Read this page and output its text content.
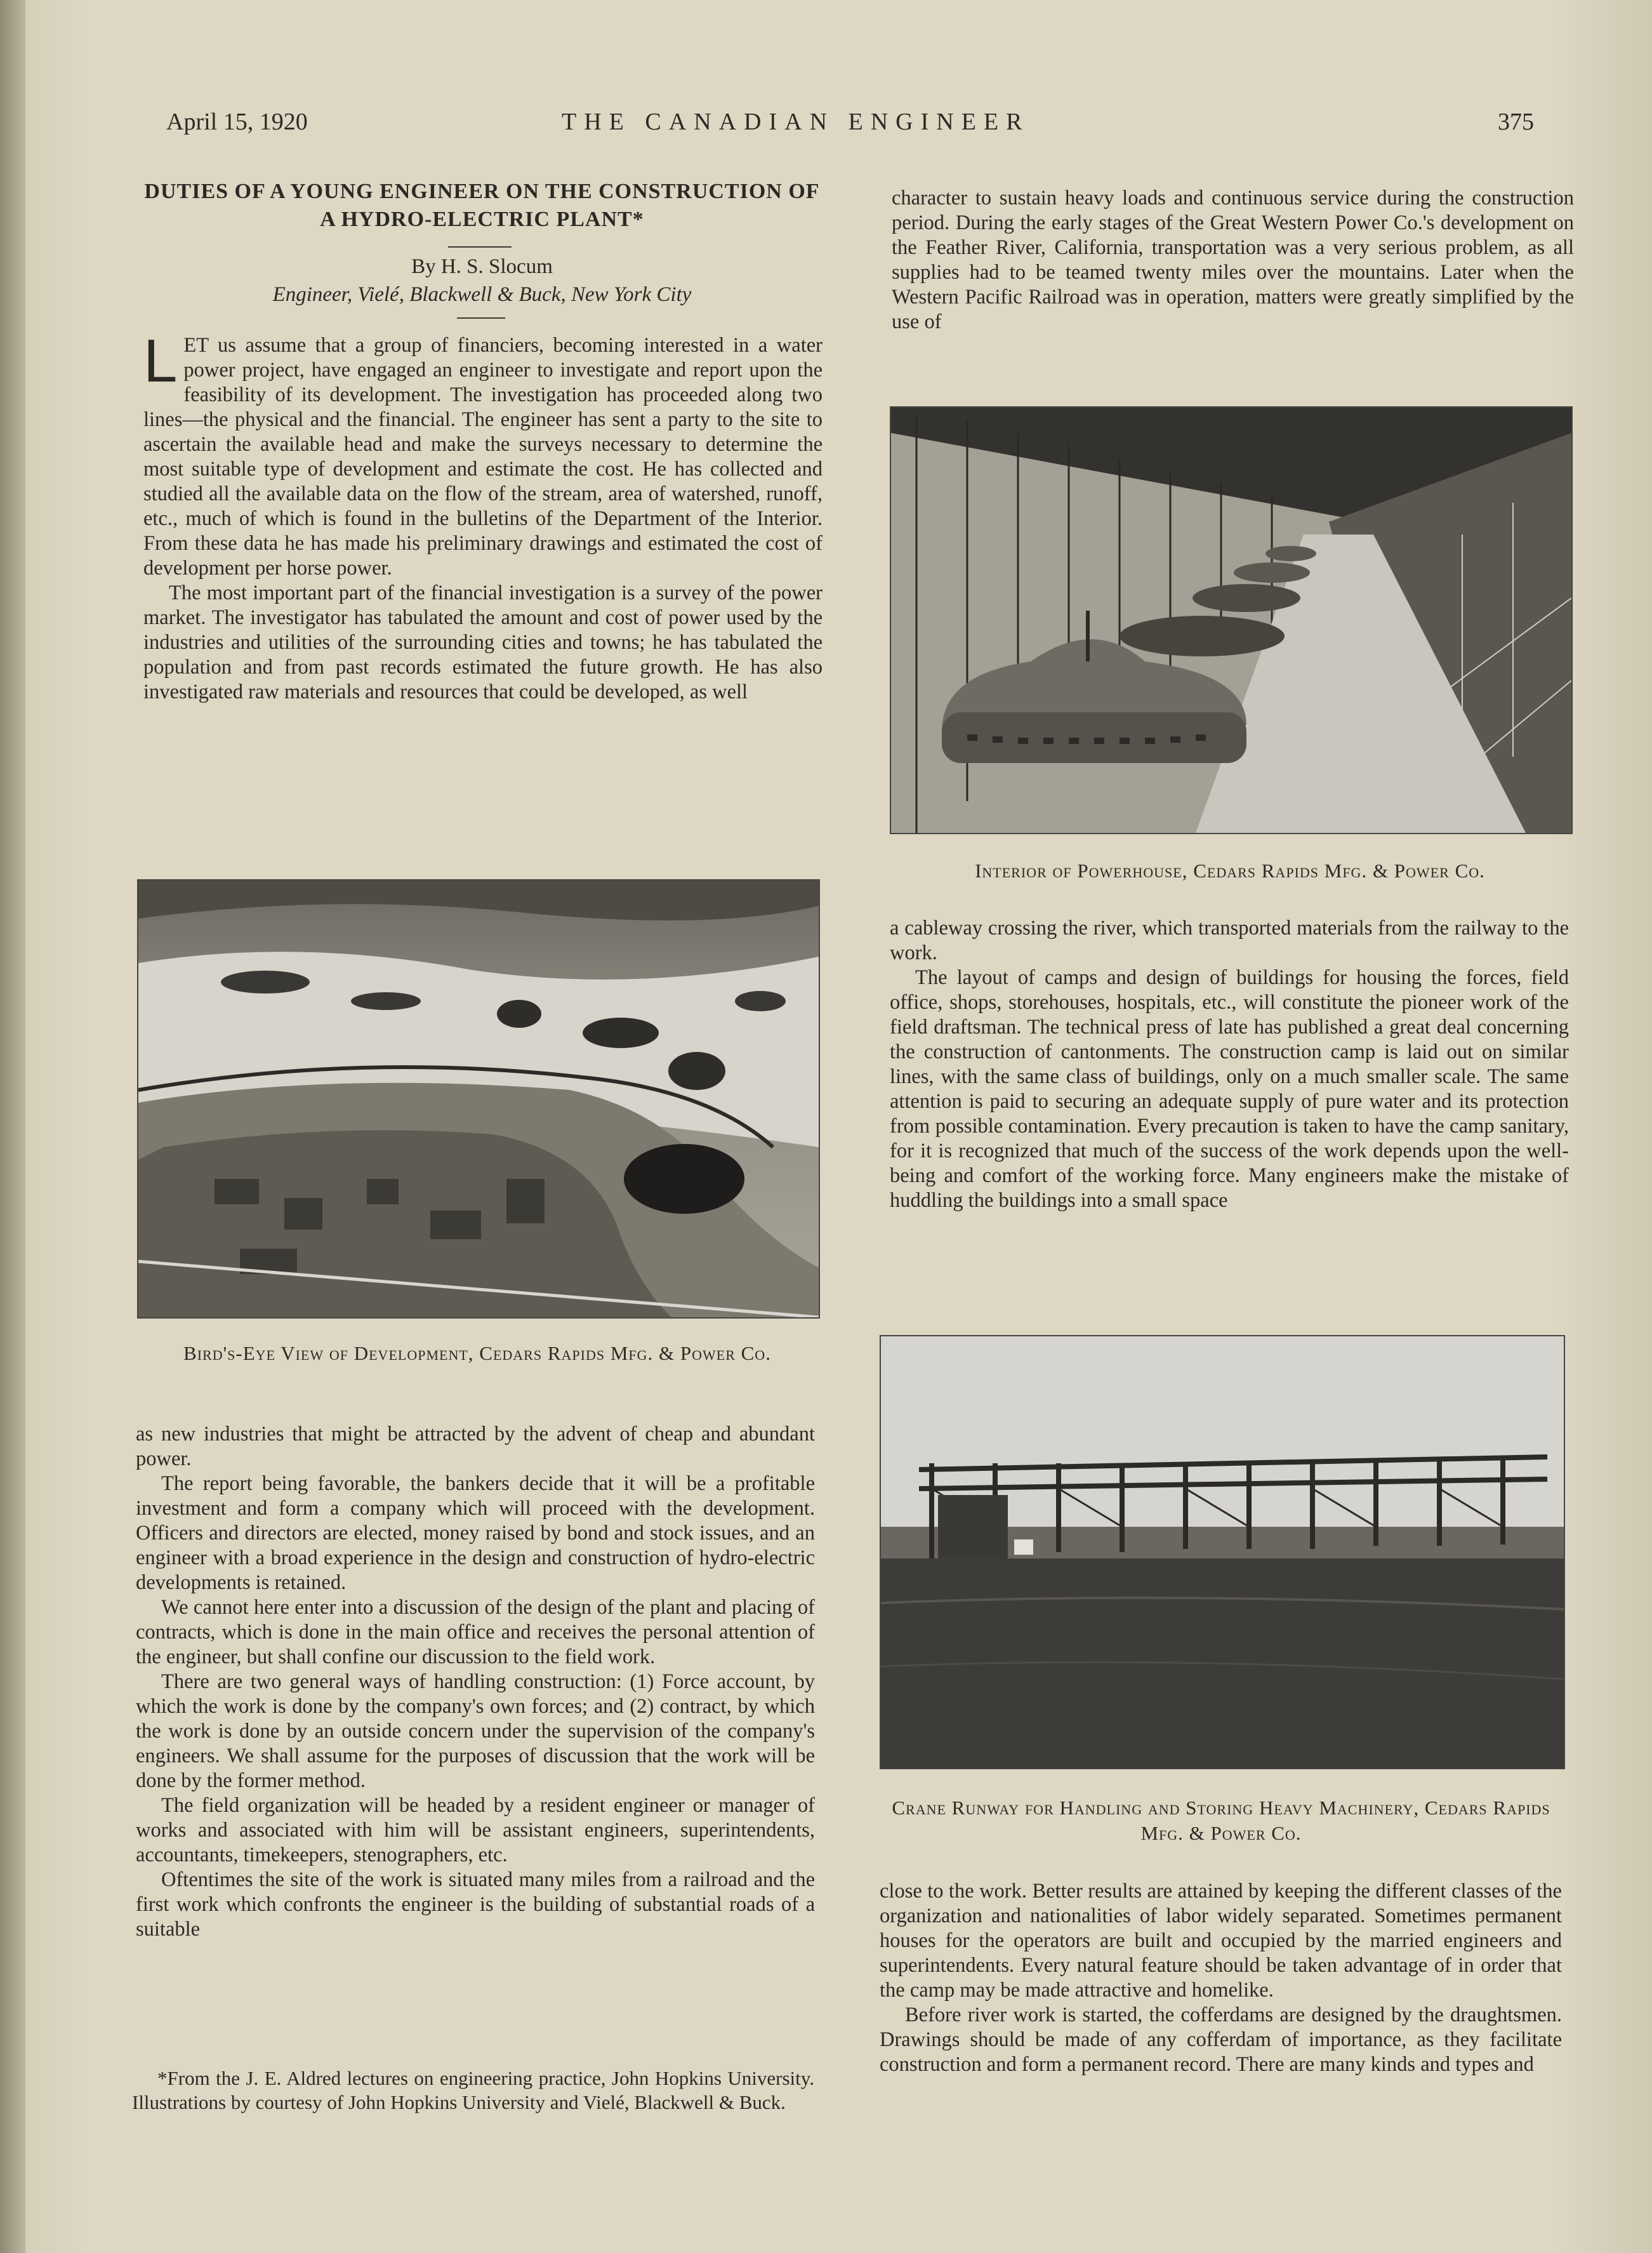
April 15, 1920	THE CANADIAN ENGINEER	375
DUTIES OF A YOUNG ENGINEER ON THE CONSTRUCTION OF A HYDRO-ELECTRIC PLANT*
By H. S. Slocum
Engineer, Vielé, Blackwell & Buck, New York City

LET us assume that a group of financiers, becoming interested in a water power project, have engaged an engineer to investigate and report upon the feasibility of its development. The investigation has proceeded along two lines—the physical and the financial. The engineer has sent a party to the site to ascertain the available head and make the surveys necessary to determine the most suitable type of development and estimate the cost. He has collected and studied all the available data on the flow of the stream, area of watershed, runoff, etc., much of which is found in the bulletins of the Department of the Interior. From these data he has made his preliminary drawings and estimated the cost of development per horse power.

The most important part of the financial investigation is a survey of the power market. The investigator has tabulated the amount and cost of power used by the industries and utilities of the surrounding cities and towns; he has tabulated the population and from past records estimated the future growth. He has also investigated raw materials and resources that could be developed, as well

Bird's-Eye View of Development, Cedars Rapids Mfg. & Power Co.

as new industries that might be attracted by the advent of cheap and abundant power.

The report being favorable, the bankers decide that it will be a profitable investment and form a company which will proceed with the development. Officers and directors are elected, money raised by bond and stock issues, and an engineer with a broad experience in the design and construction of hydro-electric developments is retained.

We cannot here enter into a discussion of the design of the plant and placing of contracts, which is done in the main office and receives the personal attention of the engineer, but shall confine our discussion to the field work.

There are two general ways of handling construction: (1) Force account, by which the work is done by the company's own forces; and (2) contract, by which the work is done by an outside concern under the supervision of the company's engineers. We shall assume for the purposes of discussion that the work will be done by the former method.

The field organization will be headed by a resident engineer or manager of works and associated with him will be assistant engineers, superintendents, accountants, timekeepers, stenographers, etc.

Oftentimes the site of the work is situated many miles from a railroad and the first work which confronts the engineer is the building of substantial roads of a suitable

*From the J. E. Aldred lectures on engineering practice, John Hopkins University. Illustrations by courtesy of John Hopkins University and Vielé, Blackwell & Buck.

character to sustain heavy loads and continuous service during the construction period. During the early stages of the Great Western Power Co.'s development on the Feather River, California, transportation was a very serious problem, as all supplies had to be teamed twenty miles over the mountains. Later when the Western Pacific Railroad was in operation, matters were greatly simplified by the use of

Interior of Powerhouse, Cedars Rapids Mfg. & Power Co.

a cableway crossing the river, which transported materials from the railway to the work.

The layout of camps and design of buildings for housing the forces, field office, shops, storehouses, hospitals, etc., will constitute the pioneer work of the field draftsman. The technical press of late has published a great deal concerning the construction of cantonments. The construction camp is laid out on similar lines, with the same class of buildings, only on a much smaller scale. The same attention is paid to securing an adequate supply of pure water and its protection from possible contamination. Every precaution is taken to have the camp sanitary, for it is recognized that much of the success of the work depends upon the well-being and comfort of the working force. Many engineers make the mistake of huddling the buildings into a small space

Crane Runway for Handling and Storing Heavy Machinery, Cedars Rapids Mfg. & Power Co.

close to the work. Better results are attained by keeping the different classes of the organization and nationalities of labor widely separated. Sometimes permanent houses for the operators are built and occupied by the married engineers and superintendents. Every natural feature should be taken advantage of in order that the camp may be made attractive and homelike.

Before river work is started, the cofferdams are designed by the draughtsmen. Drawings should be made of any cofferdam of importance, as they facilitate construction and form a permanent record. There are many kinds and types and
